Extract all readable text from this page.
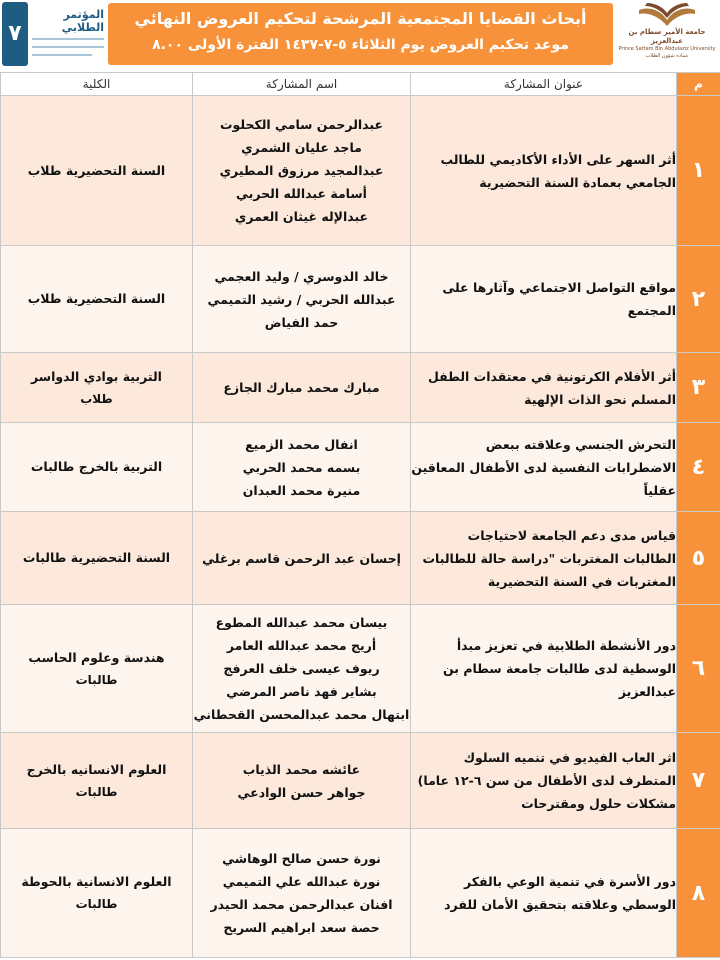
٧
المؤتمر الطلابي	أبحاث القضايا المجتمعية المرشحة لتحكيم العروض النهائي
موعد تحكيم العروض يوم الثلاثاء ٥-٧-١٤٣٧ الفترة الأولى ٨.٠٠
جامعة الأمير سطام بن عبدالعزيز
Prince Sattam Bin Abdulaziz University
عمادة شؤون الطلاب
م	عنوان المشاركة	اسم المشاركة	الكلية
١	أثر السهر على الأداء الأكاديمي للطالب الجامعي بعمادة السنة التحضيرية	عبدالرحمن سامي الكحلوت
ماجد عليان الشمري
عبدالمجيد مرزوق المطيري
أسامة عبدالله الحربي
عبدالإله غيثان العمري	السنة التحضيرية طلاب
٢	مواقع التواصل الاجتماعي وآثارها على المجتمع	خالد الدوسري / وليد العجمي
عبدالله الحربي / رشيد التميمي
حمد الفياض	السنة التحضيرية طلاب
٣	أثر الأفلام الكرتونية في معتقدات الطفل المسلم نحو الذات الإلهية	مبارك محمد مبارك الجازع	التربية بوادي الدواسر
طلاب

٤	التحرش الجنسي وعلاقته ببعض الاضطرابات النفسية لدى الأطفال المعاقين عقلياً	انفال محمد الزميع
بسمه محمد الحربي
منيرة محمد العبدان	التربية بالخرج طالبات
٥	قياس مدى دعم الجامعة لاحتياجات الطالبات المغتربات "دراسة حالة للطالبات المغتربات في السنة التحضيرية	إحسان عبد الرحمن قاسم برغلي	السنة التحضيرية طالبات
٦	دور الأنشطة الطلابية في تعزيز مبدأ الوسطية لدى طالبات جامعة سطام بن عبدالعزيز	بيسان محمد عبدالله المطوع
أريج محمد عبدالله العامر
ريوف عيسى خلف العرفج
بشاير فهد ناصر المرضي
ابتهال محمد عبدالمحسن القحطاني	هندسة وعلوم الحاسب
طالبات

٧	اثر العاب الفيديو في تنميه السلوك المتطرف لدى الأطفال من سن ٦-١٢ عاما) مشكلات حلول ومقترحات	عائشه محمد الذياب
جواهر حسن الوادعي	العلوم الانسانيه بالخرج
طالبات

٨	دور الأسرة في تنمية الوعي بالفكر الوسطي وعلاقته بتحقيق الأمان للفرد	نورة حسن صالح الوهاشي
نورة عبدالله علي التميمي
افنان عبدالرحمن محمد الحيدر
حصة سعد ابراهيم السريح	العلوم الانسانية بالحوطة
طالبات
